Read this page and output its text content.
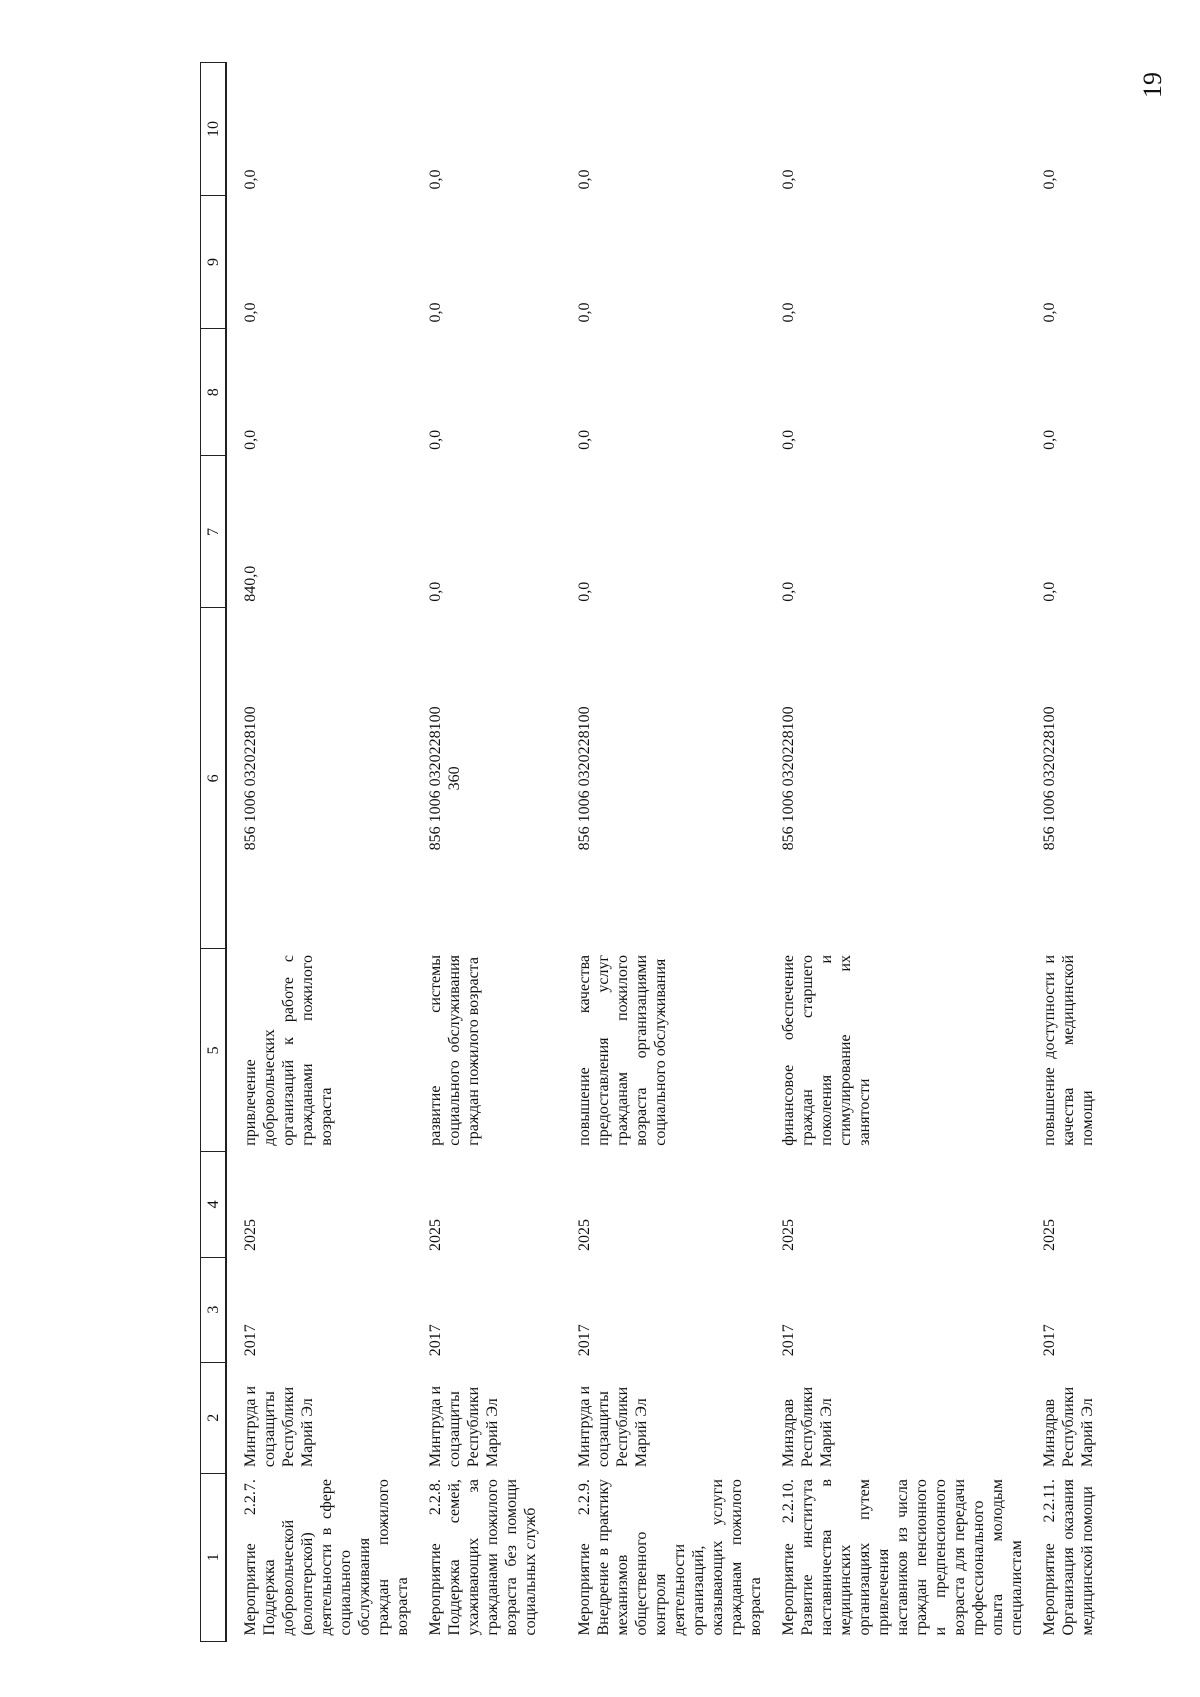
19
1	2	3	4	5	6	7	8	9	10
Мероприятие 2.2.7. Поддержка добровольческой (волонтерской) деятельности в сфере социального обслуживания граждан пожилого возраста	Минтруда и соцзащиты Республики Марий Эл	2017	2025	привлечение добровольческих организаций к работе с гражданами пожилого возраста	856 1006 0320228100	840,0	0,0	0,0	0,0
Мероприятие 2.2.8. Поддержка семей, ухаживающих за гражданами пожилого возраста без помощи социальных служб	Минтруда и соцзащиты Республики Марий Эл	2017	2025	развитие системы социального обслуживания граждан пожилого возраста	856 1006 0320228100 360	0,0	0,0	0,0	0,0
Мероприятие 2.2.9. Внедрение в практику механизмов общественного контроля деятельности организаций, оказывающих услуги гражданам пожилого возраста	Минтруда и соцзащиты Республики Марий Эл	2017	2025	повышение качества предоставления услуг гражданам пожилого возраста организациями социального обслуживания	856 1006 0320228100	0,0	0,0	0,0	0,0
Мероприятие 2.2.10. Развитие института наставничества в медицинских организациях путем привлечения наставников из числа граждан пенсионного и предпенсионного возраста для передачи профессионального опыта молодым специалистам	Минздрав Республики Марий Эл	2017	2025	финансовое обеспечение граждан старшего поколения и стимулирование их занятости	856 1006 0320228100	0,0	0,0	0,0	0,0
Мероприятие 2.2.11. Организация оказания медицинской помощи	Минздрав Республики Марий Эл	2017	2025	повышение доступности и качества медицинской помощи	856 1006 0320228100	0,0	0,0	0,0	0,0
